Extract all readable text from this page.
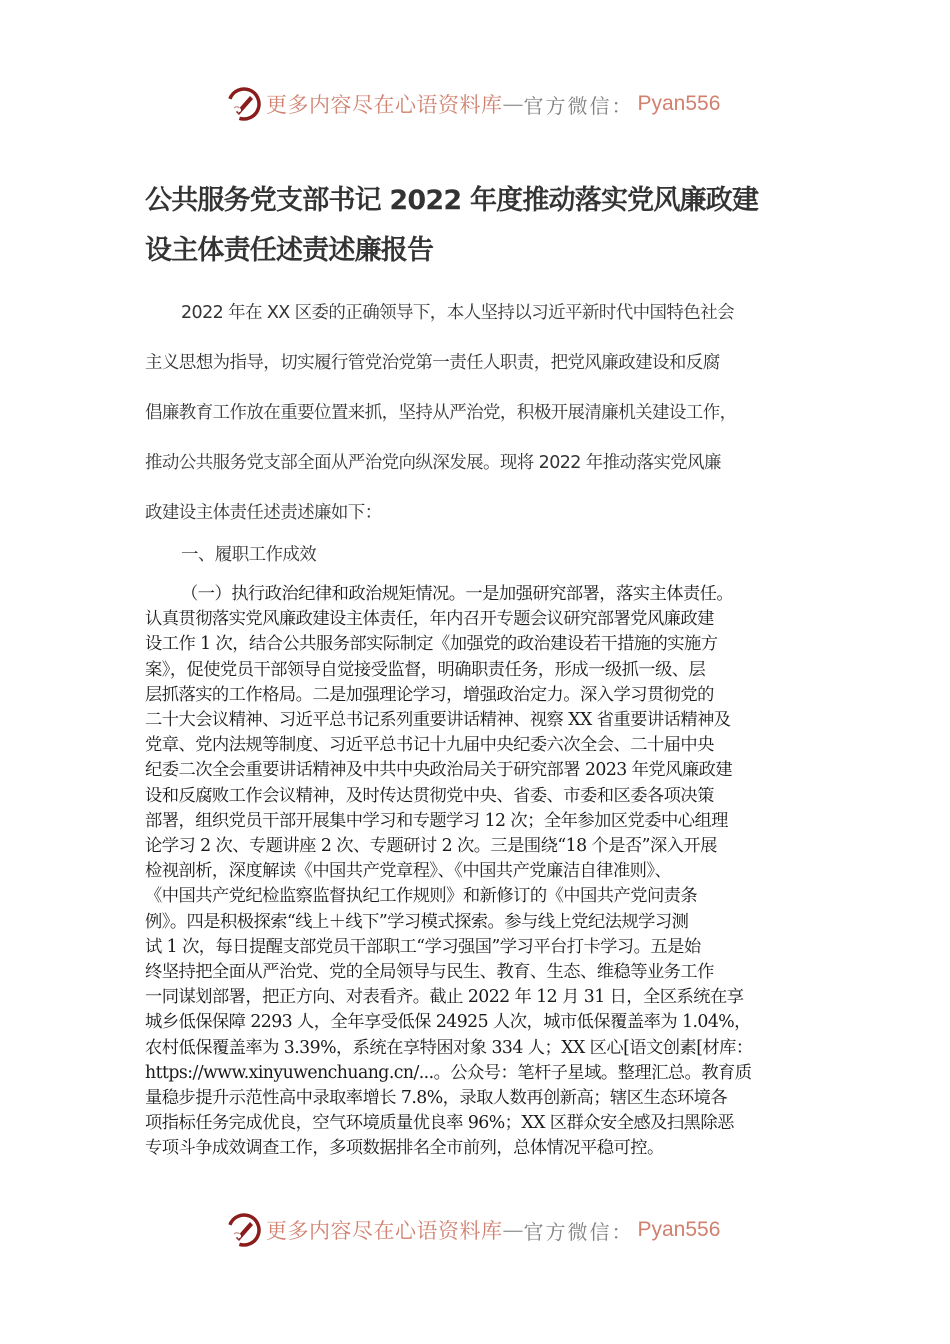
更多内容尽在心语资料库 — 官方微信： Pyan556
公共服务党支部书记 2022 年度推动落实党风廉政建
设主体责任述责述廉报告
2022 年在 XX 区委的正确领导下，本人坚持以习近平新时代中国特色社会
主义思想为指导，切实履行管党治党第一责任人职责，把党风廉政建设和反腐
倡廉教育工作放在重要位置来抓，坚持从严治党，积极开展清廉机关建设工作，
推动公共服务党支部全面从严治党向纵深发展。现将 2022 年推动落实党风廉
政建设主体责任述责述廉如下：
一、履职工作成效
（一）执行政治纪律和政治规矩情况。一是加强研究部署，落实主体责任。
认真贯彻落实党风廉政建设主体责任，年内召开专题会议研究部署党风廉政建
设工作 1 次，结合公共服务部实际制定《加强党的政治建设若干措施的实施方
案》，促使党员干部领导自觉接受监督，明确职责任务，形成一级抓一级、层
层抓落实的工作格局。二是加强理论学习，增强政治定力。深入学习贯彻党的
二十大会议精神、习近平总书记系列重要讲话精神、视察 XX 省重要讲话精神及
党章、党内法规等制度、习近平总书记十九届中央纪委六次全会、二十届中央
纪委二次全会重要讲话精神及中共中央政治局关于研究部署 2023 年党风廉政建
设和反腐败工作会议精神，及时传达贯彻党中央、省委、市委和区委各项决策
部署，组织党员干部开展集中学习和专题学习 12 次；全年参加区党委中心组理
论学习 2 次、专题讲座 2 次、专题研讨 2 次。三是围绕“18 个是否”深入开展
检视剖析，深度解读《中国共产党章程》、《中国共产党廉洁自律准则》、
《中国共产党纪检监察监督执纪工作规则》和新修订的《中国共产党问责条
例》。四是积极探索“线上＋线下”学习模式探索。参与线上党纪法规学习测
试 1 次，每日提醒支部党员干部职工“学习强国”学习平台打卡学习。五是始
终坚持把全面从严治党、党的全局领导与民生、教育、生态、维稳等业务工作
一同谋划部署，把正方向、对表看齐。截止 2022 年 12 月 31 日，全区系统在享
城乡低保保障 2293 人，全年享受低保 24925 人次，城市低保覆盖率为 1.04%，
农村低保覆盖率为 3.39%，系统在享特困对象 334 人；XX 区心[语文创素[材库：
https://www.xinyuwenchuang.cn/...。公众号：笔杆子星域。整理汇总。教育质
量稳步提升示范性高中录取率增长 7.8%，录取人数再创新高；辖区生态环境各
项指标任务完成优良，空气环境质量优良率 96%；XX 区群众安全感及扫黑除恶
专项斗争成效调查工作，多项数据排名全市前列，总体情况平稳可控。
更多内容尽在心语资料库 — 官方微信： Pyan556
